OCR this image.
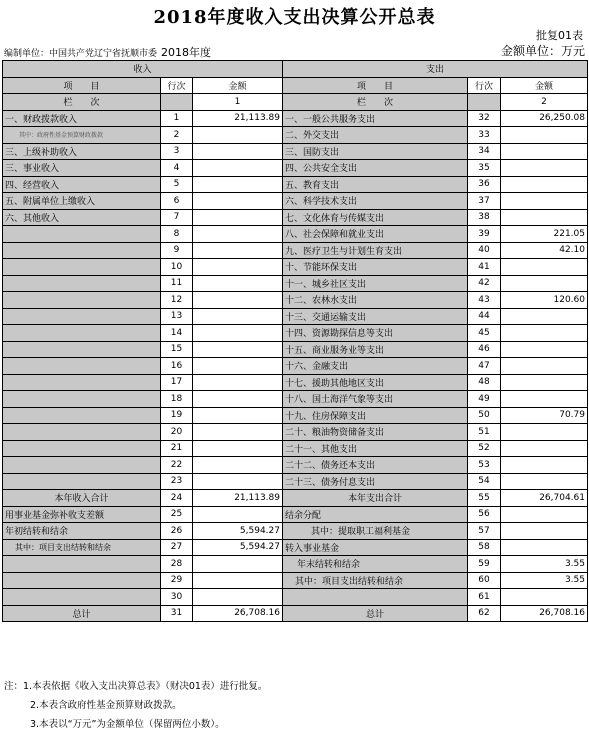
2018年度收入支出决算公开总表
批复01表
编制单位：中国共产党辽宁省抚顺市委 2018年度	金额单位：万元
收入			支出		
项　　目	行次	金额	项　　目	行次	金额
栏　　次		1	栏　　次		2
一、财政拨款收入	1	21,113.89	一、一般公共服务支出	32	26,250.08
其中：政府性基金预算财政拨款	2		二、外交支出	33	
三、上级补助收入	3		三、国防支出	34	
三、事业收入	4		四、公共安全支出	35	
四、经营收入	5		五、教育支出	36	
五、附属单位上缴收入	6		六、科学技术支出	37	
六、其他收入	7		七、文化体育与传媒支出	38	
	8		八、社会保障和就业支出	39	221.05
	9		九、医疗卫生与计划生育支出	40	42.10
	10		十、节能环保支出	41	
	11		十一、城乡社区支出	42	
	12		十二、农林水支出	43	120.60
	13		十三、交通运输支出	44	
	14		十四、资源勘探信息等支出	45	
	15		十五、商业服务业等支出	46	
	16		十六、金融支出	47	
	17		十七、援助其他地区支出	48	
	18		十八、国土海洋气象等支出	49	
	19		十九、住房保障支出	50	70.79
	20		二十、粮油物资储备支出	51	
	21		二十一、其他支出	52	
	22		二十二、债务还本支出	53	
	23		二十三、债务付息支出	54	
本年收入合计	24	21,113.89	本年支出合计	55	26,704.61
用事业基金弥补收支差额	25		结余分配	56	
年初结转和结余	26	5,594.27	其中：提取职工福利基金	57	
其中：项目支出结转和结余	27	5,594.27	转入事业基金	58	
	28		年末结转和结余	59	3.55
	29		其中：项目支出结转和结余	60	3.55
	30			61	
总计	31	26,708.16	总计	62	26,708.16
注：1.本表依据《收入支出决算总表》（财决01表）进行批复。
2.本表含政府性基金预算财政拨款。
3.本表以“万元”为金额单位（保留两位小数）。
